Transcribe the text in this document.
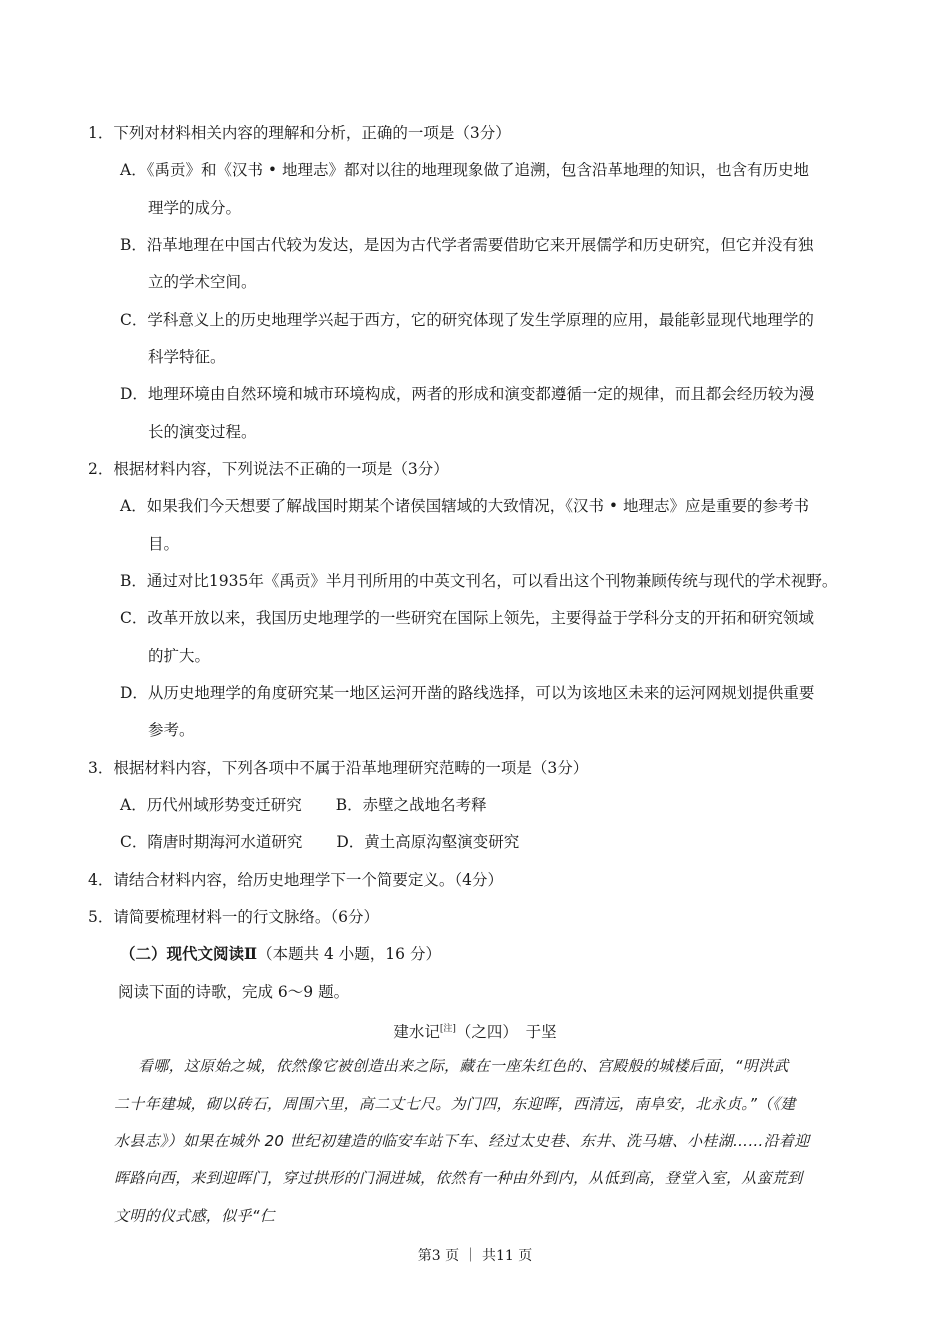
1．下列对材料相关内容的理解和分析，正确的一项是（3分）
A．《禹贡》和《汉书 • 地理志》都对以往的地理现象做了追溯，包含沿革地理的知识，也含有历史地
理学的成分。
B．沿革地理在中国古代较为发达，是因为古代学者需要借助它来开展儒学和历史研究，但它并没有独
立的学术空间。
C．学科意义上的历史地理学兴起于西方，它的研究体现了发生学原理的应用，最能彰显现代地理学的
科学特征。
D．地理环境由自然环境和城市环境构成，两者的形成和演变都遵循一定的规律，而且都会经历较为漫
长的演变过程。
2．根据材料内容，下列说法不正确的一项是（3分）
A．如果我们今天想要了解战国时期某个诸侯国辖域的大致情况，《汉书 • 地理志》应是重要的参考书
目。
B．通过对比1935年《禹贡》半月刊所用的中英文刊名，可以看出这个刊物兼顾传统与现代的学术视野。
C．改革开放以来，我国历史地理学的一些研究在国际上领先，主要得益于学科分支的开拓和研究领域
的扩大。
D．从历史地理学的角度研究某一地区运河开凿的路线选择，可以为该地区未来的运河网规划提供重要
参考。
3．根据材料内容，下列各项中不属于沿革地理研究范畴的一项是（3分）
A．历代州域形势变迁研究 B．赤壁之战地名考释
C．隋唐时期海河水道研究 D．黄土高原沟壑演变研究
4．请结合材料内容，给历史地理学下一个简要定义。（4分）
5．请简要梳理材料一的行文脉络。（6分）
（二）现代文阅读Ⅱ（本题共 4 小题，16 分）
阅读下面的诗歌，完成 6～9 题。
建水记[注]（之四）　于坚
看哪，这原始之城，依然像它被创造出来之际，藏在一座朱红色的、宫殿般的城楼后面，“明洪武
二十年建城，砌以砖石，周围六里，高二丈七尺。为门四，东迎晖，西清远，南阜安，北永贞。”（《建
水县志》）如果在城外 20 世纪初建造的临安车站下车、经过太史巷、东井、洗马塘、小桂湖……沿着迎
晖路向西，来到迎晖门，穿过拱形的门洞进城，依然有一种由外到内，从低到高，登堂入室，从蛮荒到
文明的仪式感，似乎“仁
第3 页 ｜ 共11 页
